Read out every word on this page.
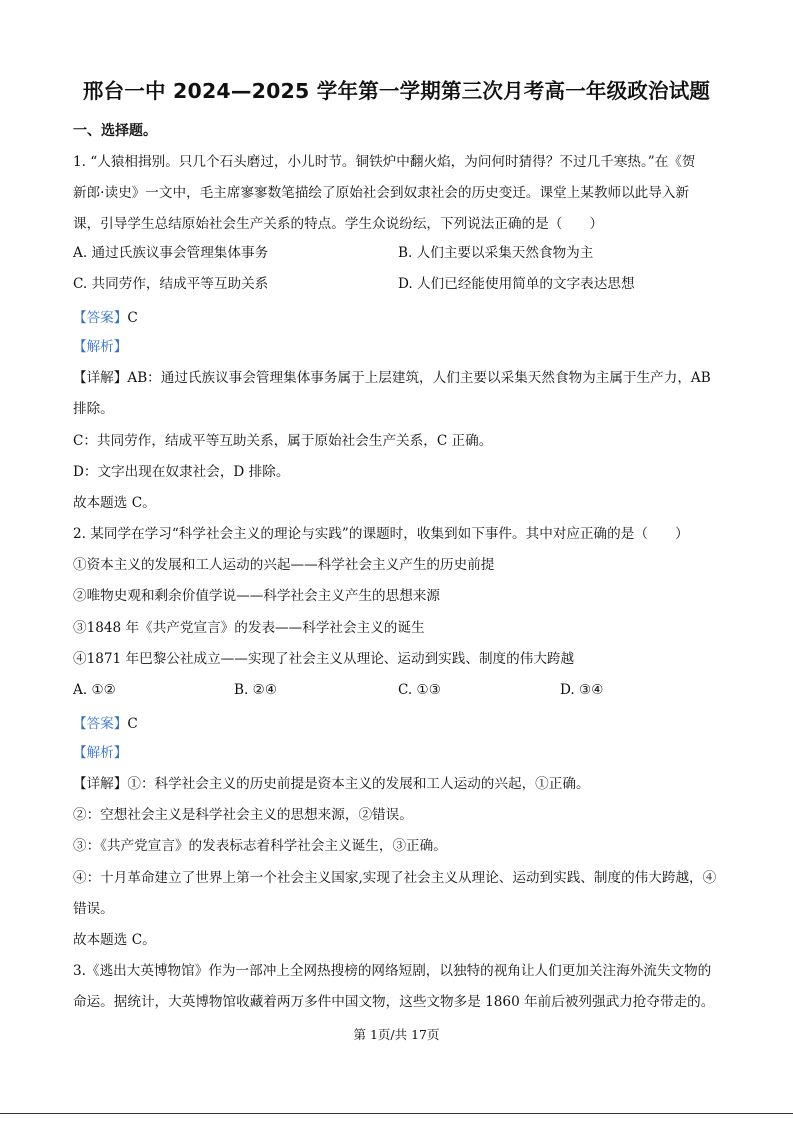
邢台一中 2024—2025 学年第一学期第三次月考高一年级政治试题
一、选择题。
1. “人猿相揖别。只几个石头磨过，小儿时节。铜铁炉中翻火焰，为问何时猜得？不过几千寒热。”在《贺
新郎·读史》一文中，毛主席寥寥数笔描绘了原始社会到奴隶社会的历史变迁。课堂上某教师以此导入新
课，引导学生总结原始社会生产关系的特点。学生众说纷纭，下列说法正确的是（　　）
A. 通过氏族议事会管理集体事务	B. 人们主要以采集天然食物为主
C. 共同劳作，结成平等互助关系	D. 人们已经能使用简单的文字表达思想
【答案】C
【解析】
【详解】AB：通过氏族议事会管理集体事务属于上层建筑，人们主要以采集天然食物为主属于生产力，AB
排除。
C：共同劳作，结成平等互助关系，属于原始社会生产关系，C 正确。
D：文字出现在奴隶社会，D 排除。
故本题选 C。
2. 某同学在学习“科学社会主义的理论与实践”的课题时，收集到如下事件。其中对应正确的是（　　）
①资本主义的发展和工人运动的兴起——科学社会主义产生的历史前提
②唯物史观和剩余价值学说——科学社会主义产生的思想来源
③1848 年《共产党宣言》的发表——科学社会主义的诞生
④1871 年巴黎公社成立——实现了社会主义从理论、运动到实践、制度的伟大跨越
A. ①②	B. ②④	C. ①③	D. ③④
【答案】C
【解析】
【详解】①：科学社会主义的历史前提是资本主义的发展和工人运动的兴起，①正确。
②：空想社会主义是科学社会主义的思想来源，②错误。
③：《共产党宣言》的发表标志着科学社会主义诞生，③正确。
④：十月革命建立了世界上第一个社会主义国家,实现了社会主义从理论、运动到实践、制度的伟大跨越，④
错误。
故本题选 C。
3.《逃出大英博物馆》作为一部冲上全网热搜榜的网络短剧，以独特的视角让人们更加关注海外流失文物的
命运。据统计，大英博物馆收藏着两万多件中国文物，这些文物多是 1860 年前后被列强武力抢夺带走的。
第 1页/共 17页
